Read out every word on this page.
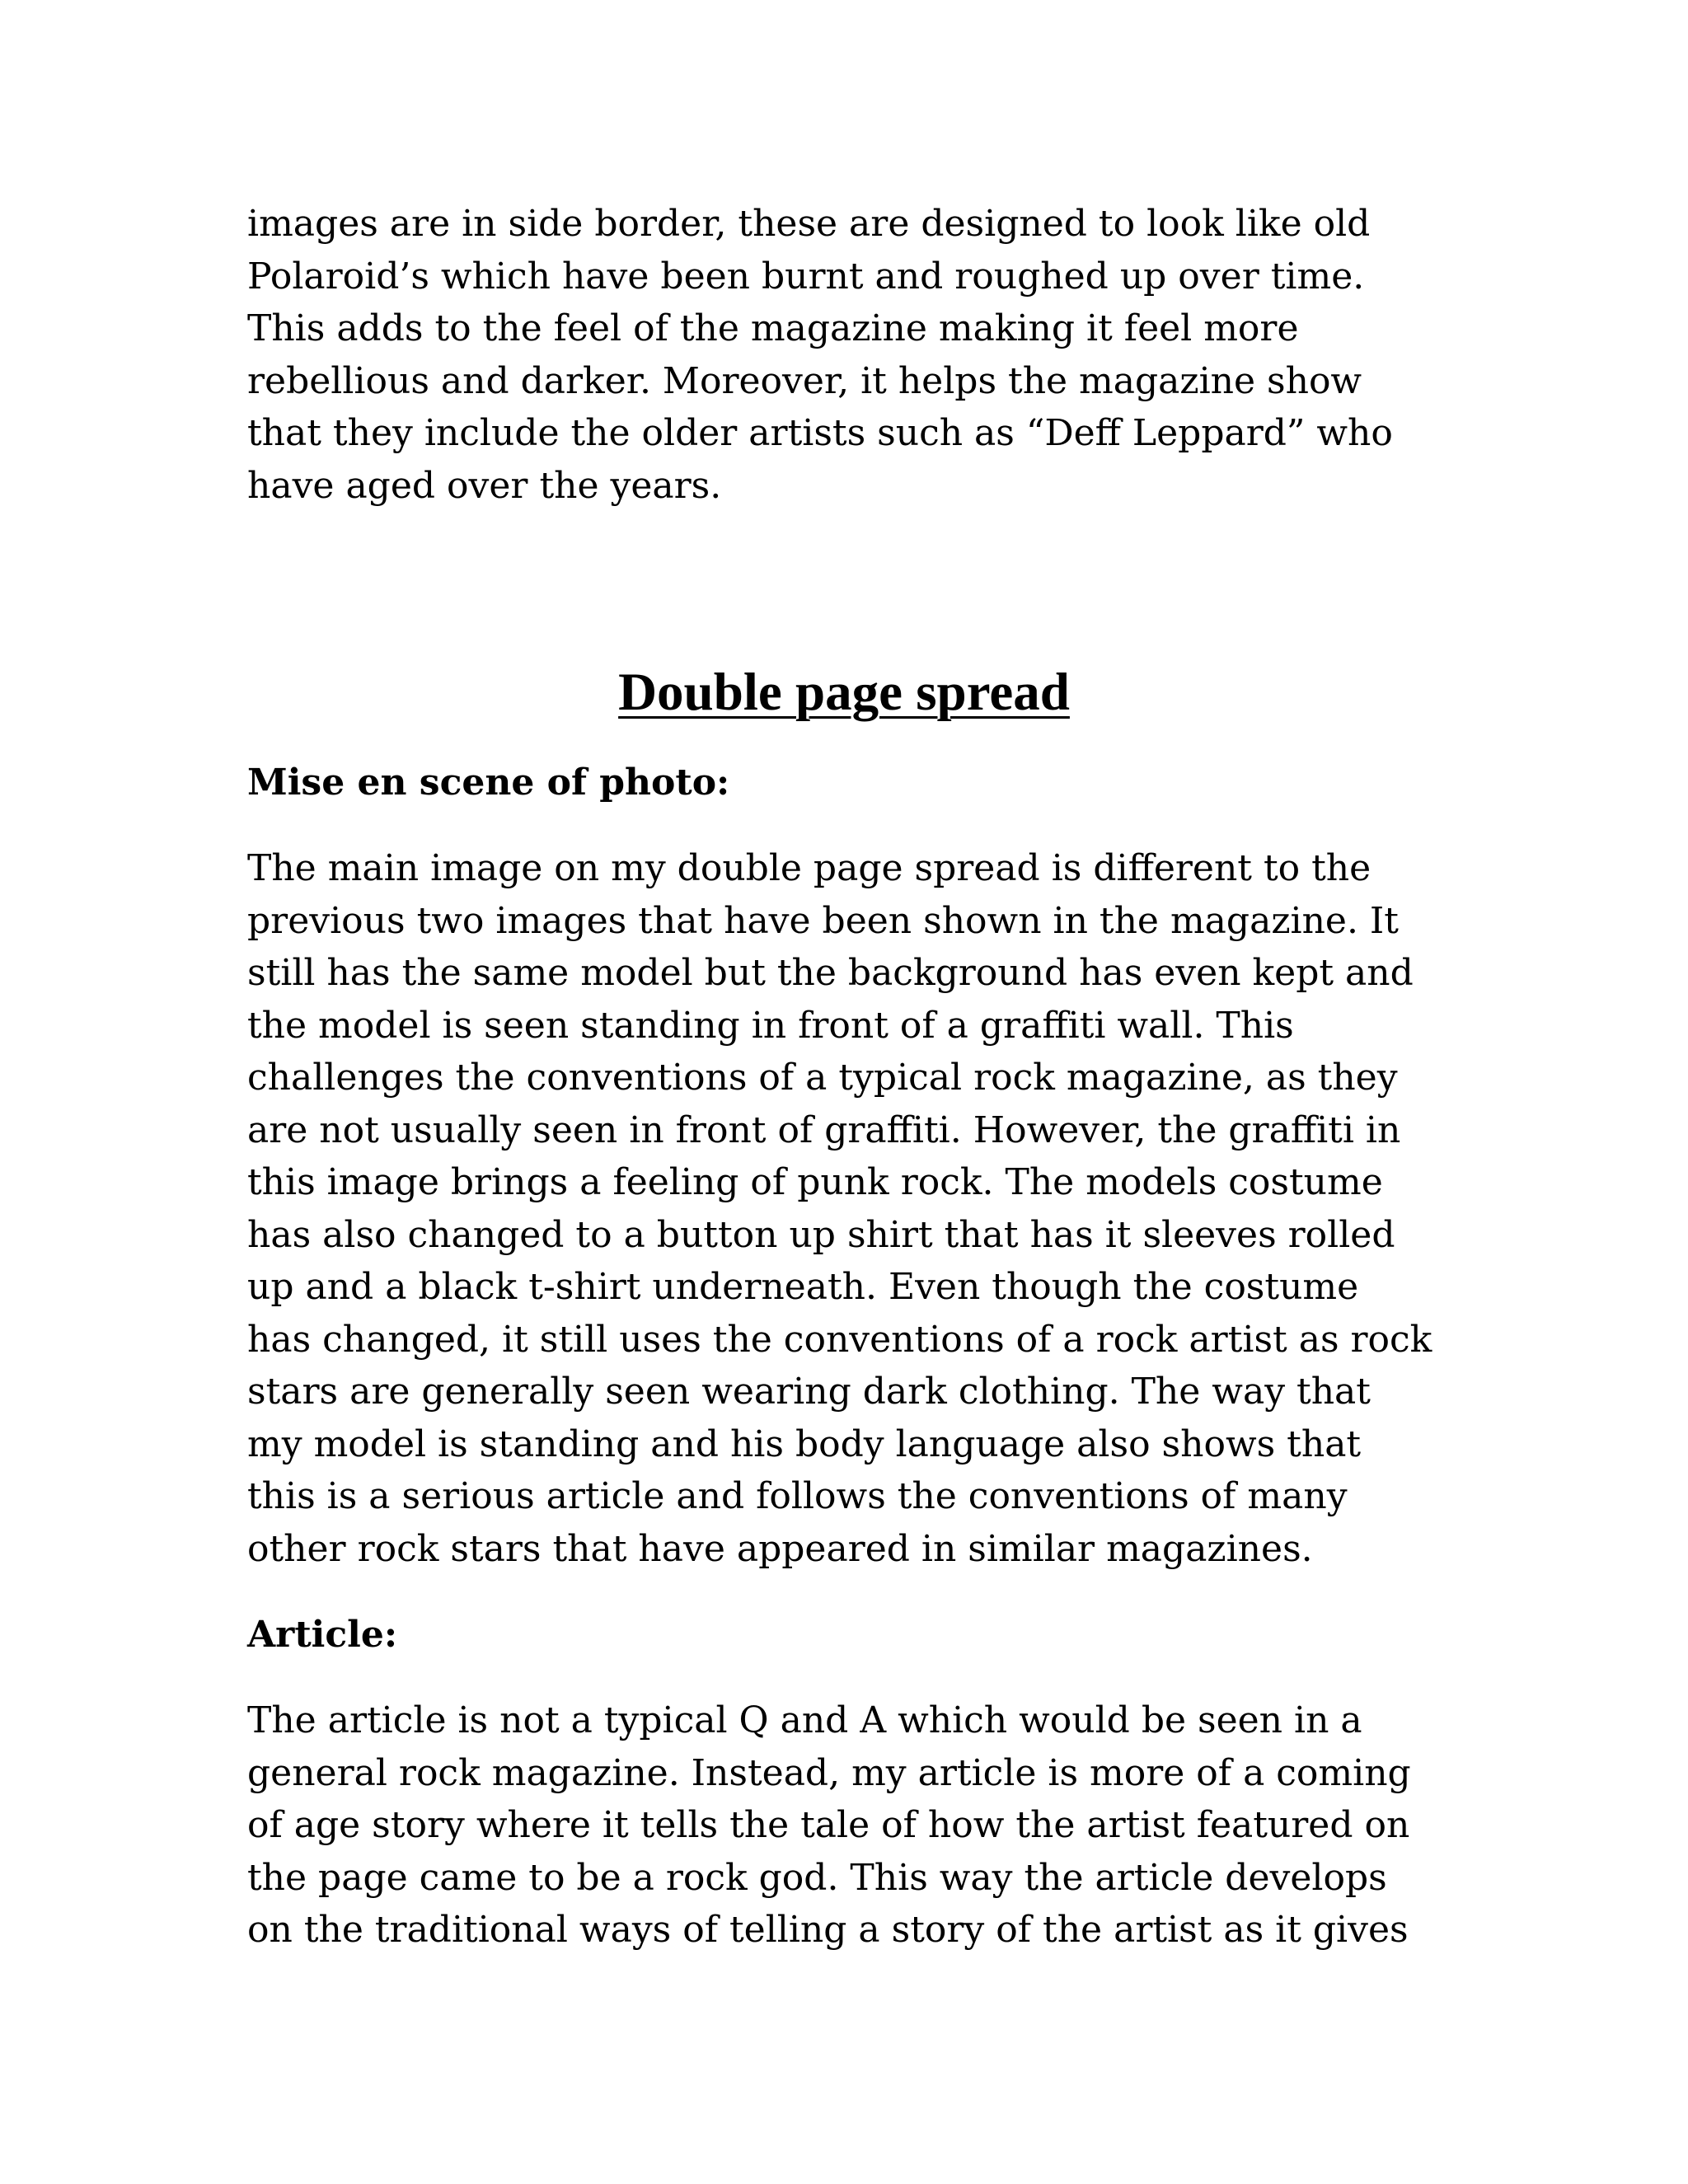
images are in side border, these are designed to look like old
Polaroid’s which have been burnt and roughed up over time.
This adds to the feel of the magazine making it feel more
rebellious and darker. Moreover, it helps the magazine show
that they include the older artists such as “Deff Leppard” who
have aged over the years.

Double page spread
Mise en scene of photo:

The main image on my double page spread is different to the
previous two images that have been shown in the magazine. It
still has the same model but the background has even kept and
the model is seen standing in front of a graffiti wall. This
challenges the conventions of a typical rock magazine, as they
are not usually seen in front of graffiti. However, the graffiti in
this image brings a feeling of punk rock. The models costume
has also changed to a button up shirt that has it sleeves rolled
up and a black t-shirt underneath. Even though the costume
has changed, it still uses the conventions of a rock artist as rock
stars are generally seen wearing dark clothing. The way that
my model is standing and his body language also shows that
this is a serious article and follows the conventions of many
other rock stars that have appeared in similar magazines.

Article:

The article is not a typical Q and A which would be seen in a
general rock magazine. Instead, my article is more of a coming
of age story where it tells the tale of how the artist featured on
the page came to be a rock god. This way the article develops
on the traditional ways of telling a story of the artist as it gives
